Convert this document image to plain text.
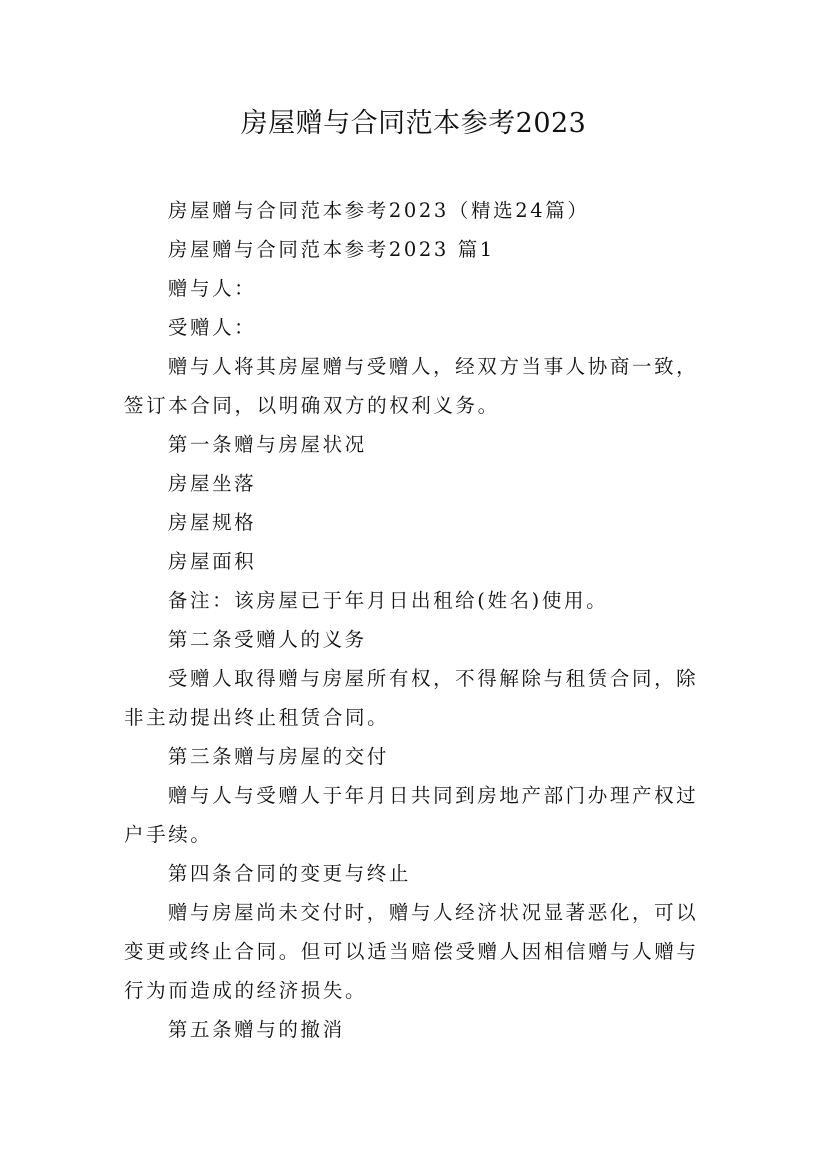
房屋赠与合同范本参考2023

房屋赠与合同范本参考2023（精选24篇）

房屋赠与合同范本参考2023 篇1

赠与人：

受赠人：

赠与人将其房屋赠与受赠人，经双方当事人协商一致，签订本合同，以明确双方的权利义务。

第一条赠与房屋状况

房屋坐落

房屋规格

房屋面积

备注：该房屋已于年月日出租给(姓名)使用。

第二条受赠人的义务

受赠人取得赠与房屋所有权，不得解除与租赁合同，除非主动提出终止租赁合同。

第三条赠与房屋的交付

赠与人与受赠人于年月日共同到房地产部门办理产权过户手续。

第四条合同的变更与终止

赠与房屋尚未交付时，赠与人经济状况显著恶化，可以变更或终止合同。但可以适当赔偿受赠人因相信赠与人赠与行为而造成的经济损失。

第五条赠与的撤消
